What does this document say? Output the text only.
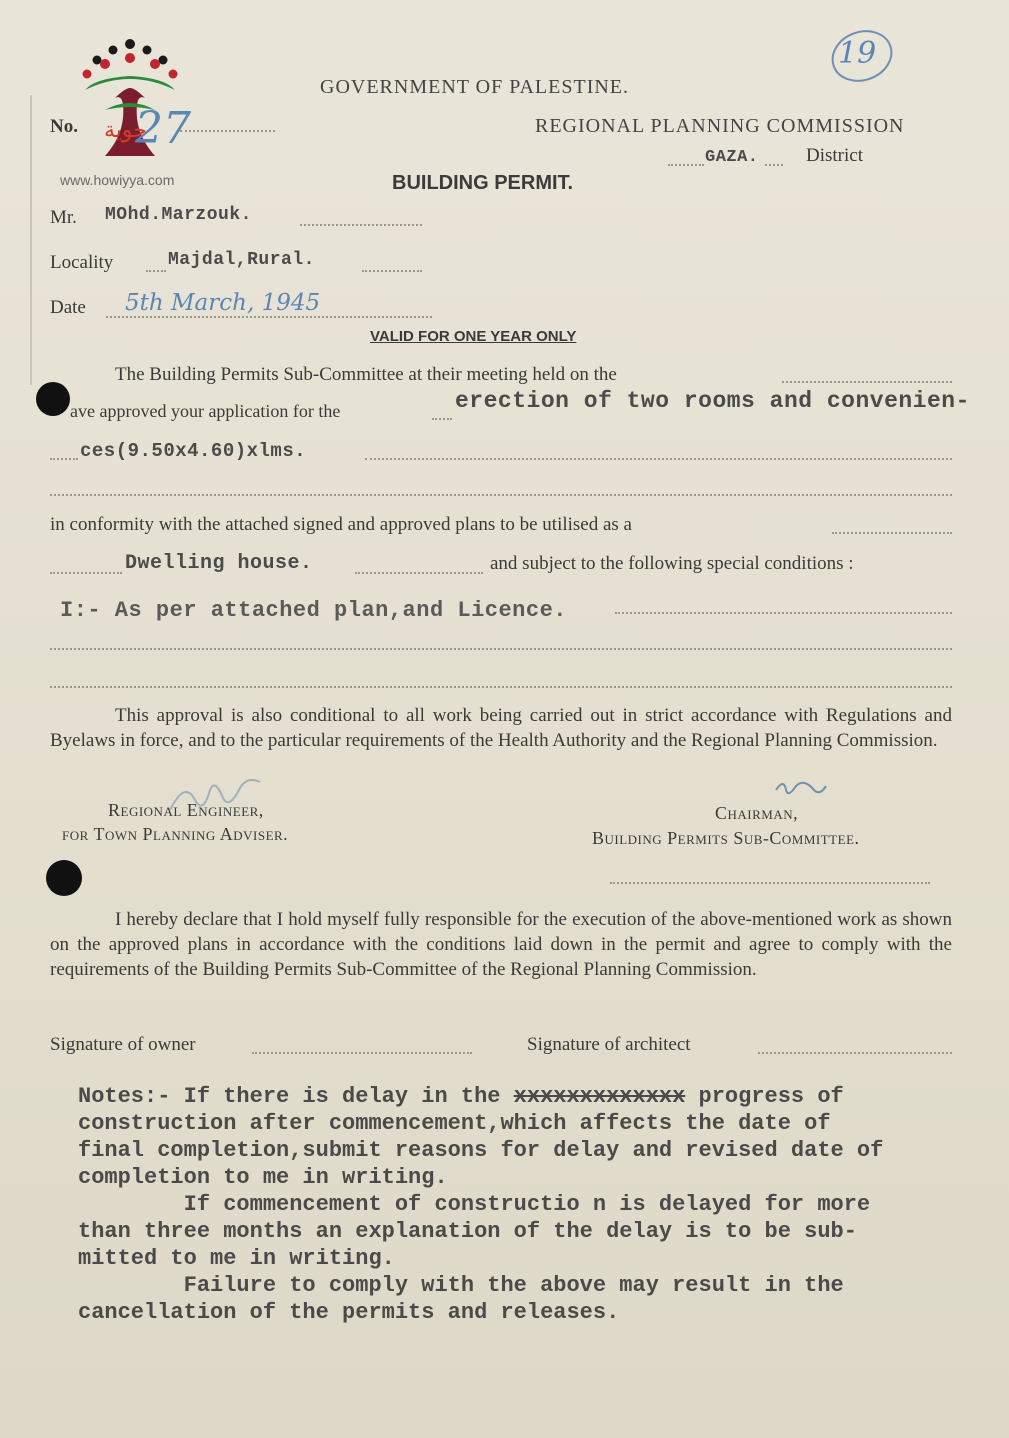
حوية
www.howiyya.com
GOVERNMENT OF PALESTINE.
REGIONAL PLANNING COMMISSION
GAZA. District
No. 27
19
BUILDING PERMIT.
Mr. MOhd.Marzouk.
Locality	Majdal,Rural.
Date 5th March, 1945
VALID FOR ONE YEAR ONLY
The Building Permits Sub-Committee at their meeting held on the
ave approved your application for the	erection of two rooms and convenien-
ces(9.50x4.60)xlms.
in conformity with the attached signed and approved plans to be utilised as a
Dwelling house.	and subject to the following special conditions :
I:- As per attached plan,and Licence.
This approval is also conditional to all work being carried out in strict accordance with Regulations and Byelaws in force, and to the particular requirements of the Health Authority and the Regional Planning Commission.
Regional Engineer,
for Town Planning Adviser.
Chairman,
Building Permits Sub-Committee.
I hereby declare that I hold myself fully responsible for the execution of the above-mentioned work as shown on the approved plans in accordance with the conditions laid down in the permit and agree to comply with the requirements of the Building Permits Sub-Committee of the Regional Planning Commission.
Signature of owner	Signature of architect
Notes:- If there is delay in the xxxxxxxxxxxxx progress of
construction after commencement,which affects the date of
final completion,submit reasons for delay and revised date of
completion to me in writing.
If commencement of constructio n is delayed for more
than three months an explanation of the delay is to be sub-
mitted to me in writing.
Failure to comply with the above may result in the
cancellation of the permits and releases.
